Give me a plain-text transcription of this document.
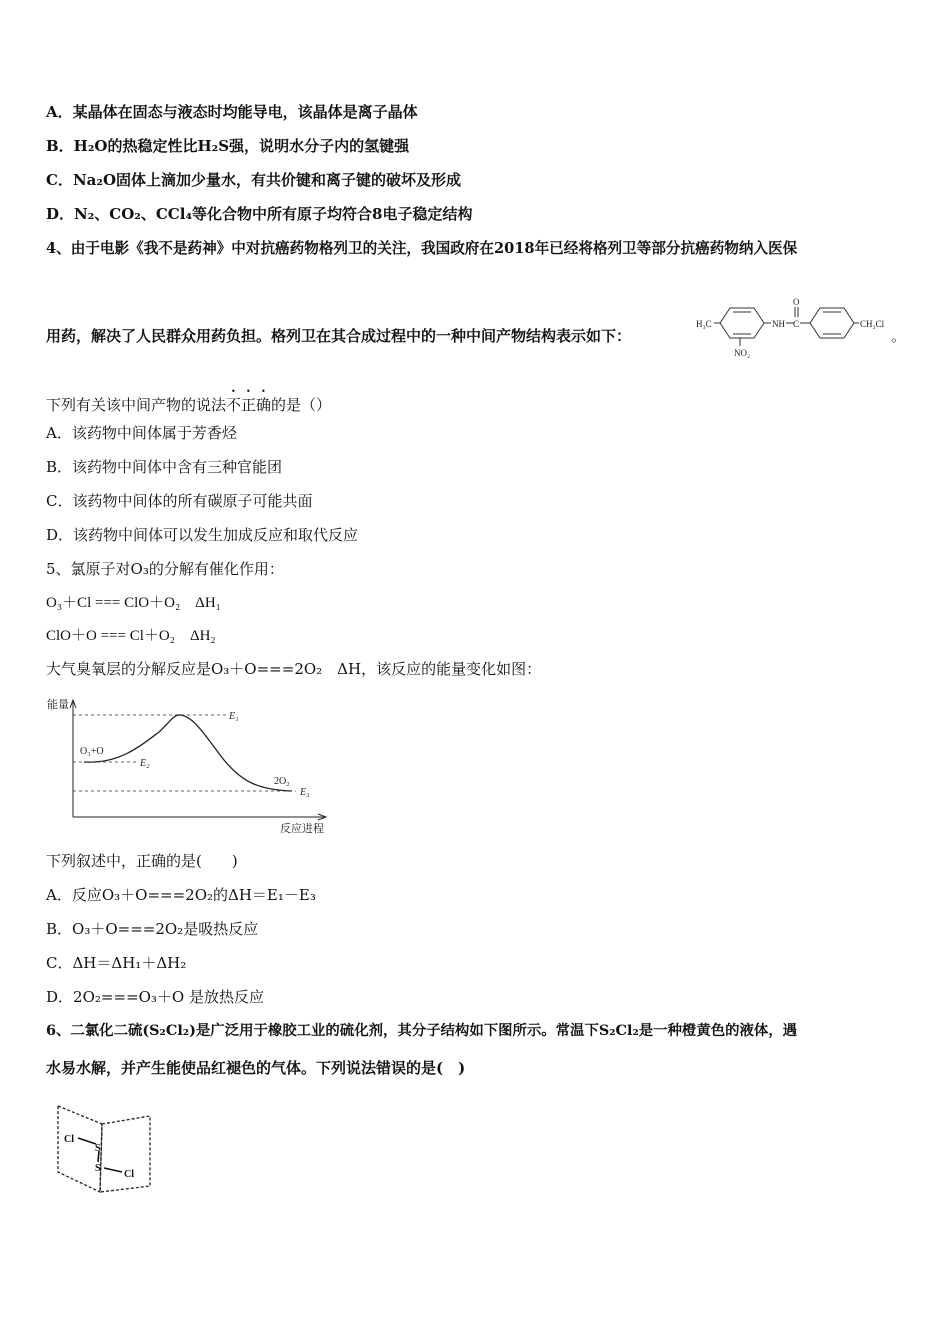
A．某晶体在固态与液态时均能导电，该晶体是离子晶体
B．H₂O的热稳定性比H₂S强，说明水分子内的氢键强
C．Na₂O固体上滴加少量水，有共价键和离子键的破坏及形成
D．N₂、CO₂、CCl₄等化合物中所有原子均符合8电子稳定结构
4、由于电影《我不是药神》中对抗癌药物格列卫的关注，我国政府在2018年已经将格列卫等部分抗癌药物纳入医保
用药，解决了人民群众用药负担。格列卫在其合成过程中的一种中间产物结构表示如下：
H₃C
NO₂
NH C
O
CH₂Cl
。
下列有关该中间产物的说法不正确的是（）
A．该药物中间体属于芳香烃
B．该药物中间体中含有三种官能团
C．该药物中间体的所有碳原子可能共面
D．该药物中间体可以发生加成反应和取代反应
5、氯原子对O₃的分解有催化作用：
O₃＋Cl === ClO＋O₂　ΔH₁
ClO＋O === Cl＋O₂　ΔH₂
大气臭氧层的分解反应是O₃＋O===2O₂　ΔH，该反应的能量变化如图：
能量
反应进程
E₁
E₂
E₃
O₃+O
2O₂
下列叙述中，正确的是(　　)
A．反应O₃＋O===2O₂的ΔH＝E₁－E₃
B．O₃＋O===2O₂是吸热反应
C．ΔH＝ΔH₁＋ΔH₂
D．2O₂===O₃＋O 是放热反应
6、二氯化二硫(S₂Cl₂)是广泛用于橡胶工业的硫化剂，其分子结构如下图所示。常温下S₂Cl₂是一种橙黄色的液体，遇
水易水解，并产生能使品红褪色的气体。下列说法错误的是(　)
Cl
S
S
Cl
